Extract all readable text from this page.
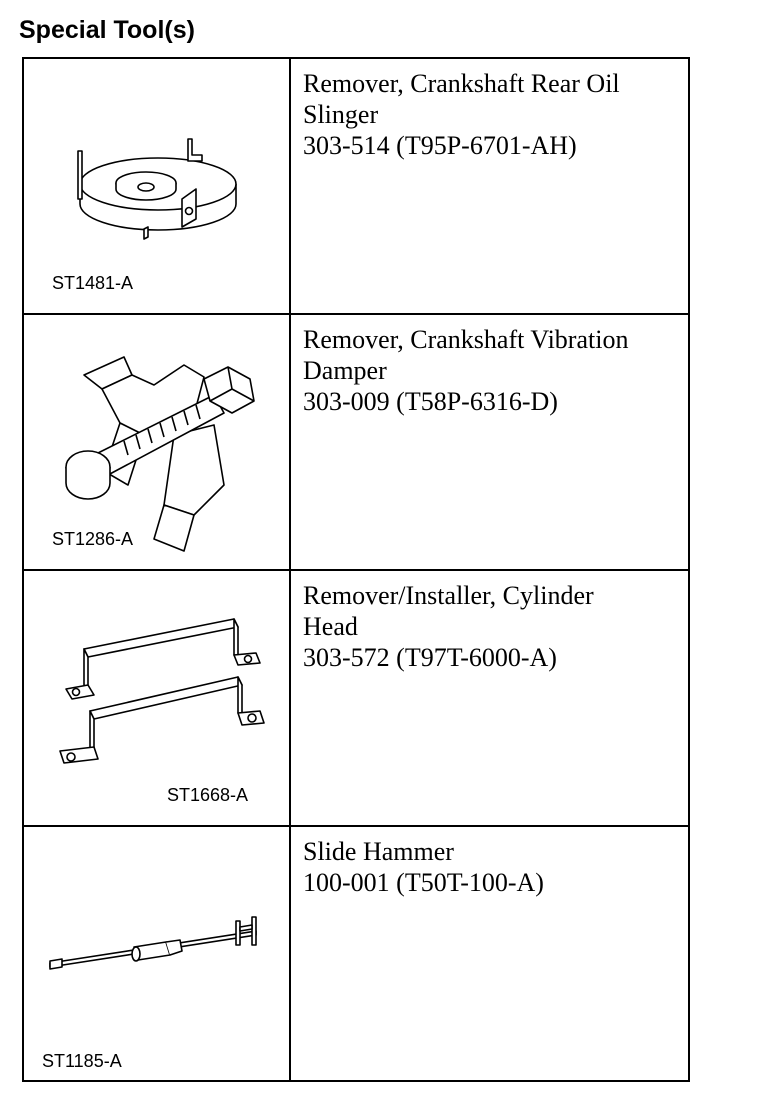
Special Tool(s)
ST1481-A
Remover, Crankshaft Rear Oil
Slinger
303-514 (T95P-6701-AH)
ST1286-A
Remover, Crankshaft Vibration
Damper
303-009 (T58P-6316-D)
ST1668-A
Remover/Installer, Cylinder
Head
303-572 (T97T-6000-A)
ST1185-A
Slide Hammer
100-001 (T50T-100-A)
